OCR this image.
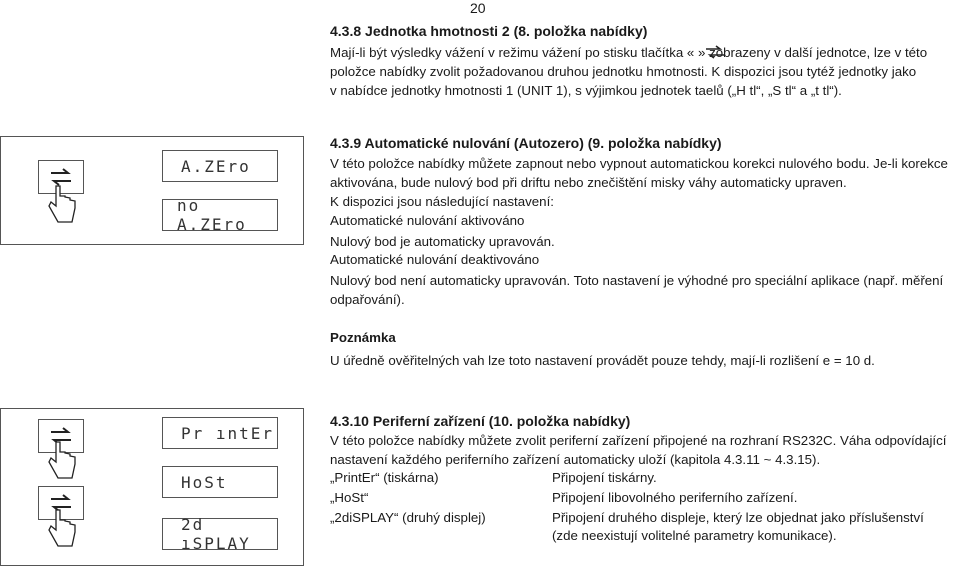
20
4.3.8 Jednotka hmotnosti 2 (8. položka nabídky)
Mají-li být výsledky vážení v režimu vážení po stisku tlačítka « » zobrazeny v další jednotce, lze v této
položce nabídky zvolit požadovanou druhou jednotku hmotnosti. K dispozici jsou tytéž jednotky jako
v nabídce jednotky hmotnosti 1 (UNIT 1), s výjimkou jednotek taelů („H tl“, „S tl“ a „t tl“).
A.ZEro
no A.ZEro
4.3.9 Automatické nulování (Autozero) (9. položka nabídky)
V této položce nabídky můžete zapnout nebo vypnout automatickou korekci nulového bodu. Je-li korekce
aktivována, bude nulový bod při driftu nebo znečištění misky váhy automaticky upraven.
K dispozici jsou následující nastavení:
Automatické nulování aktivováno
Nulový bod je automaticky upravován.
Automatické nulování deaktivováno
Nulový bod není automaticky upravován. Toto nastavení je výhodné pro speciální aplikace (např. měření
odpařování).
Poznámka
U úředně ověřitelných vah lze toto nastavení provádět pouze tehdy, mají-li rozlišení e = 10 d.
Pr ıntEr
HoSt
2d ıSPLAY
4.3.10 Periferní zařízení (10. položka nabídky)
V této položce nabídky můžete zvolit periferní zařízení připojené na rozhraní RS232C. Váha odpovídající
nastavení každého periferního zařízení automaticky uloží (kapitola 4.3.11 ~ 4.3.15).
„PrintEr“ (tiskárna)	Připojení tiskárny.
„HoSt“	Připojení libovolného periferního zařízení.
„2diSPLAY“ (druhý displej)	Připojení druhého displeje, který lze objednat jako příslušenství
(zde neexistují volitelné parametry komunikace).
